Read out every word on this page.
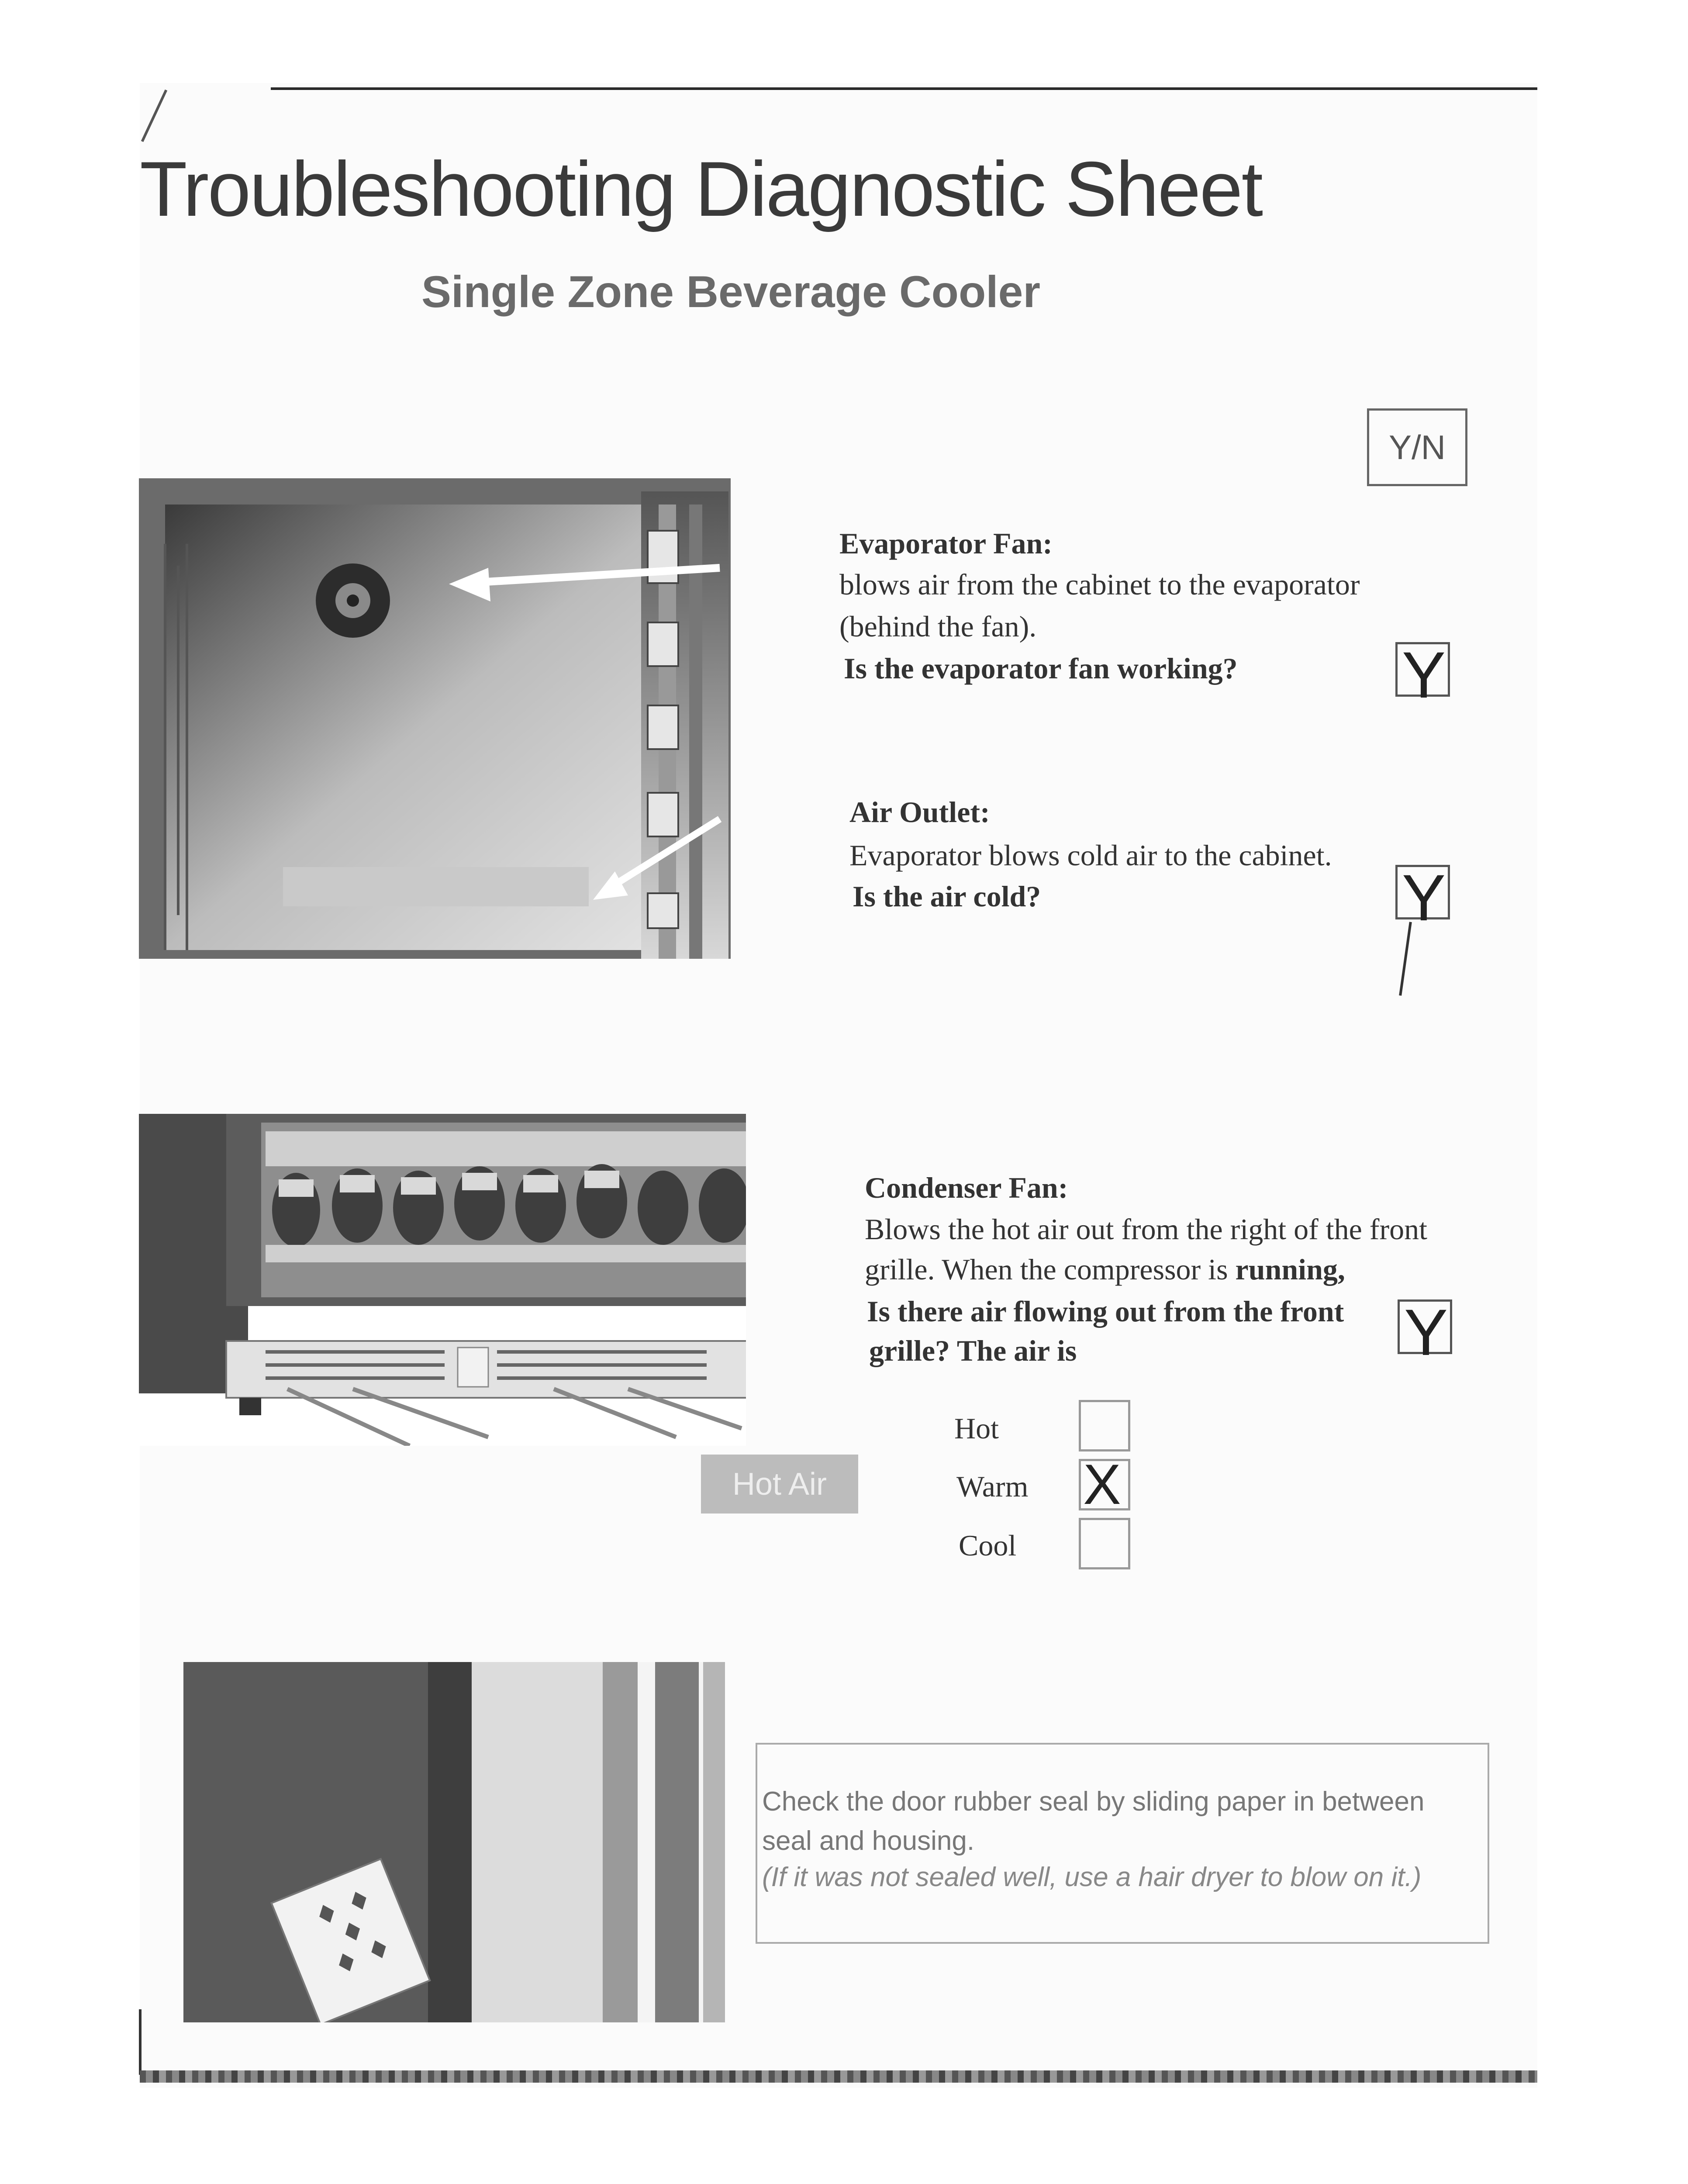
Troubleshooting Diagnostic Sheet
Single Zone Beverage Cooler
Y/N
Evaporator Fan:
blows air from the cabinet to the evaporator
(behind the fan).
Is the evaporator fan working?	Y
Air Outlet:
Evaporator blows cold air to the cabinet.
Is the air cold?	Y
Hot Air
Condenser Fan:
Blows the hot air out from the right of the front
grille. When the compressor is running,
Is there air flowing out from the front
grille? The air is	Y
Hot
Warm X
Cool
Check the door rubber seal by sliding paper in between
seal and housing.
(If it was not sealed well, use a hair dryer to blow on it.)
